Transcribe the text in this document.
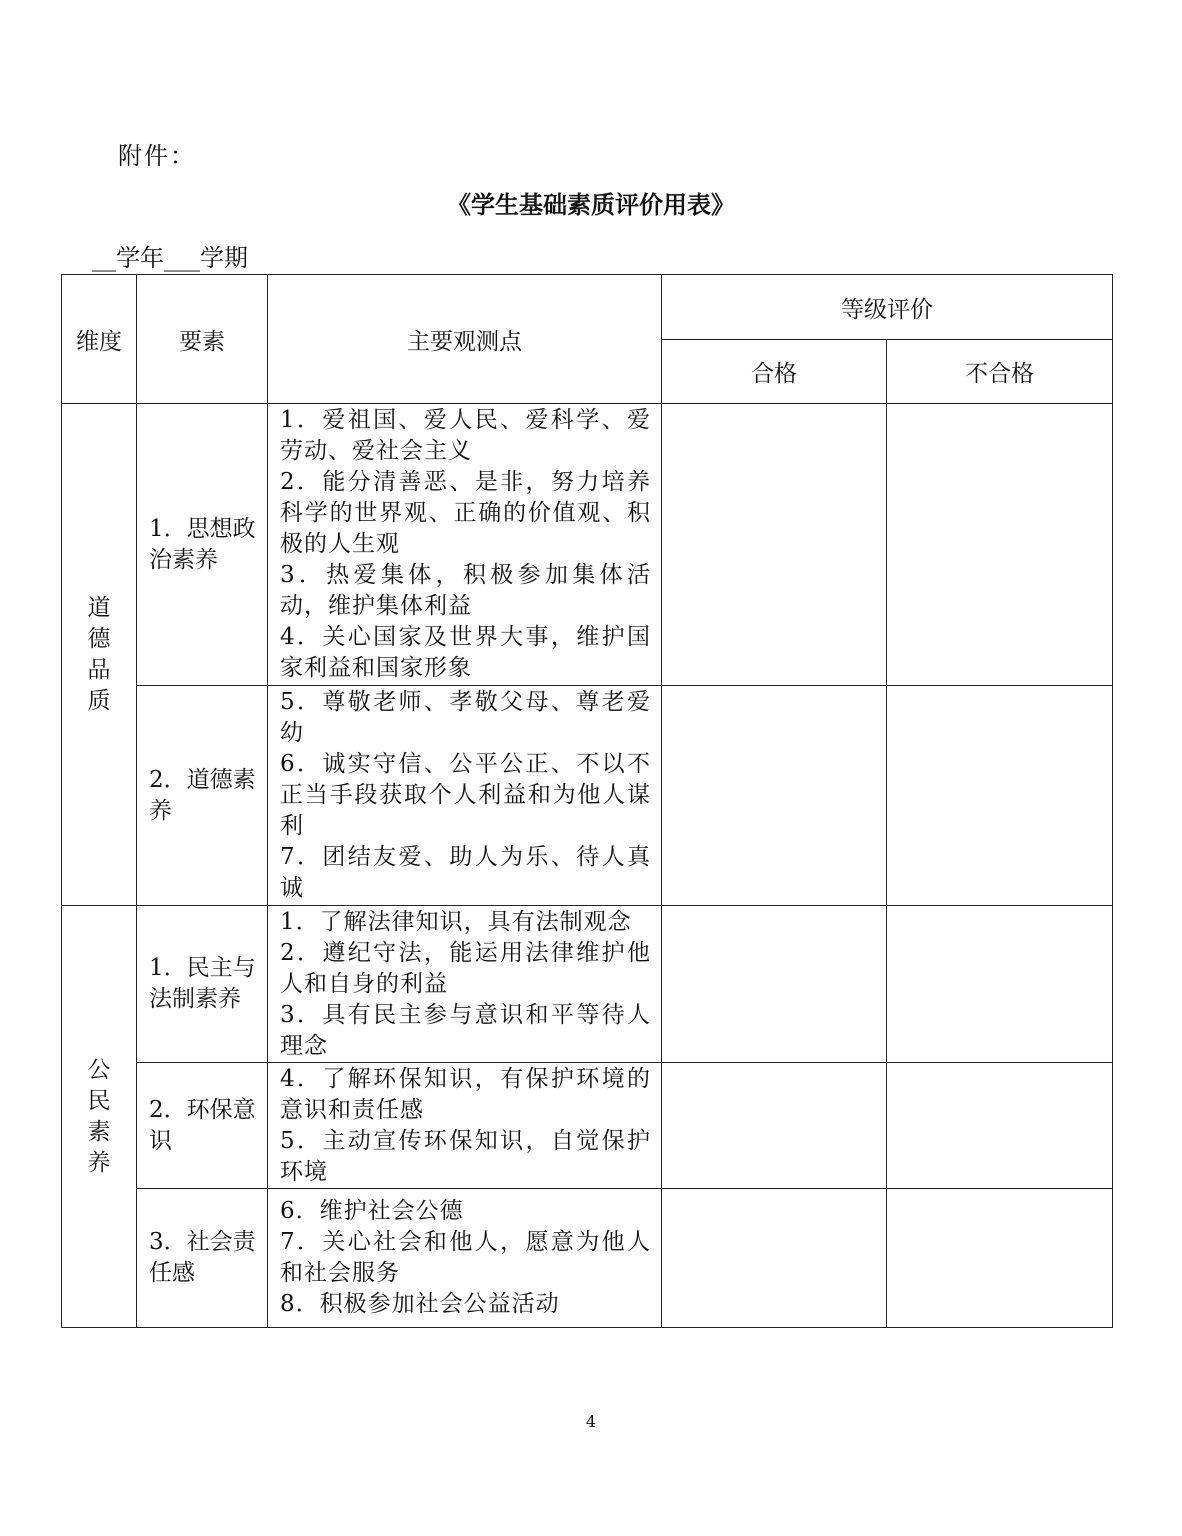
附件：
《学生基础素质评价用表》
__学年___学期
维度	要素	主要观测点	等级评价	
			合格	不合格
道德品质	1．思想政治素养	1．爱祖国、爱人民、爱科学、爱劳动、爱社会主义
2．能分清善恶、是非，努力培养科学的世界观、正确的价值观、积极的人生观
3．热爱集体，积极参加集体活动，维护集体利益
4．关心国家及世界大事，维护国家利益和国家形象		

	2．道德素养	5．尊敬老师、孝敬父母、尊老爱幼
6．诚实守信、公平公正、不以不正当手段获取个人利益和为他人谋利
7．团结友爱、助人为乐、待人真诚		

公民素养	1．民主与法制素养	1．了解法律知识，具有法制观念
2．遵纪守法，能运用法律维护他人和自身的利益
3．具有民主参与意识和平等待人理念		

	2．环保意识	4．了解环保知识，有保护环境的意识和责任感
5．主动宣传环保知识，自觉保护环境		

	3．社会责任感	6．维护社会公德
7．关心社会和他人，愿意为他人和社会服务
8．积极参加社会公益活动		

4
